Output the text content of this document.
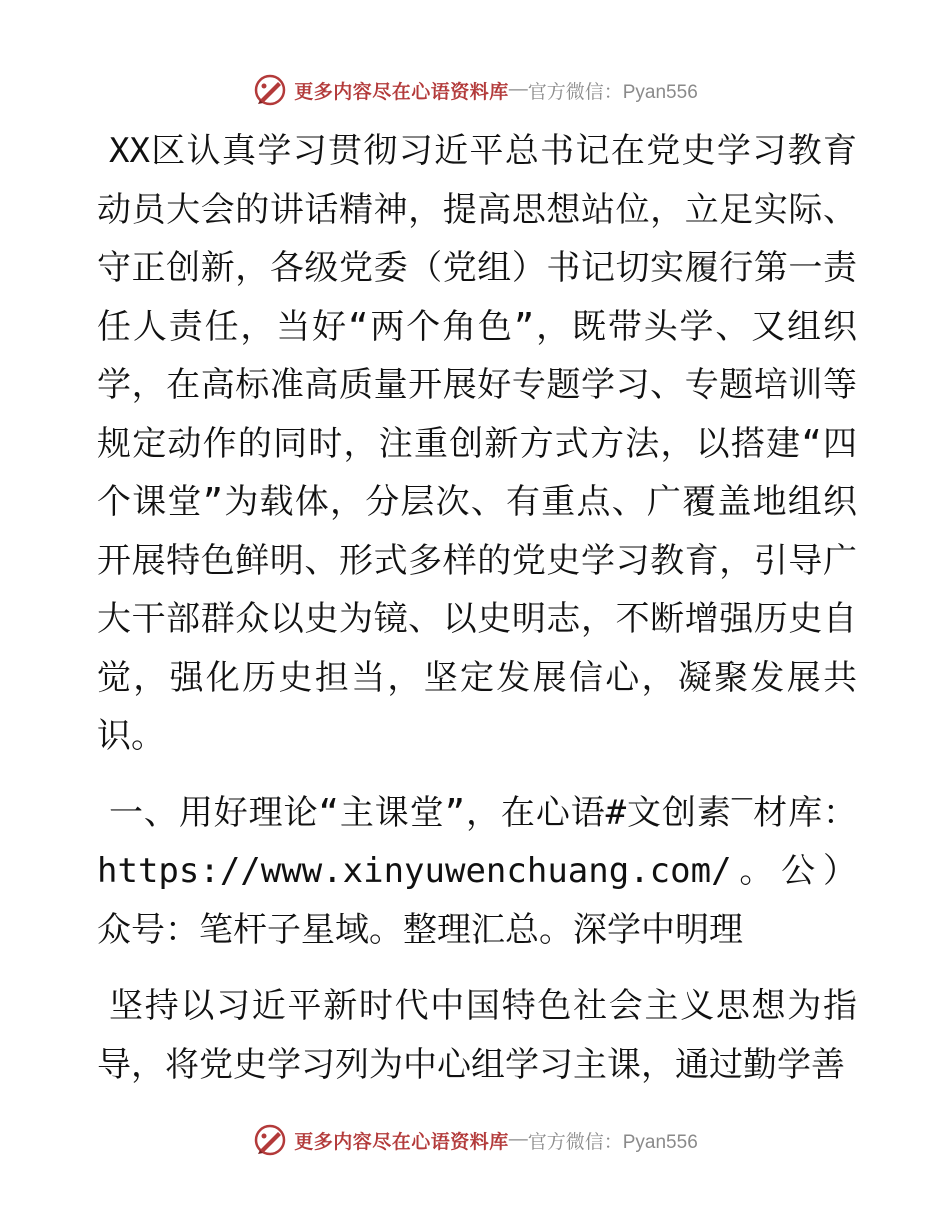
更多内容尽在心语资料库 — 官方微信：Pyan556

XX区认真学习贯彻习近平总书记在党史学习教育动员大会的讲话精神，提高思想站位，立足实际、守正创新，各级党委（党组）书记切实履行第一责任人责任，当好“两个角色”，既带头学、又组织学，在高标准高质量开展好专题学习、专题培训等规定动作的同时，注重创新方式方法，以搭建“四个课堂”为载体，分层次、有重点、广覆盖地组织开展特色鲜明、形式多样的党史学习教育，引导广大干部群众以史为镜、以史明志，不断增强历史自觉，强化历史担当，坚定发展信心，凝聚发展共识。

一、用好理论“主课堂”，在心语#文创素‾材库：https://www.xinyuwenchuang.com/。公）众号：笔杆子星域。整理汇总。深学中明理

坚持以习近平新时代中国特色社会主义思想为指导，将党史学习列为中心组学习主课，通过勤学善

更多内容尽在心语资料库 — 官方微信：Pyan556
